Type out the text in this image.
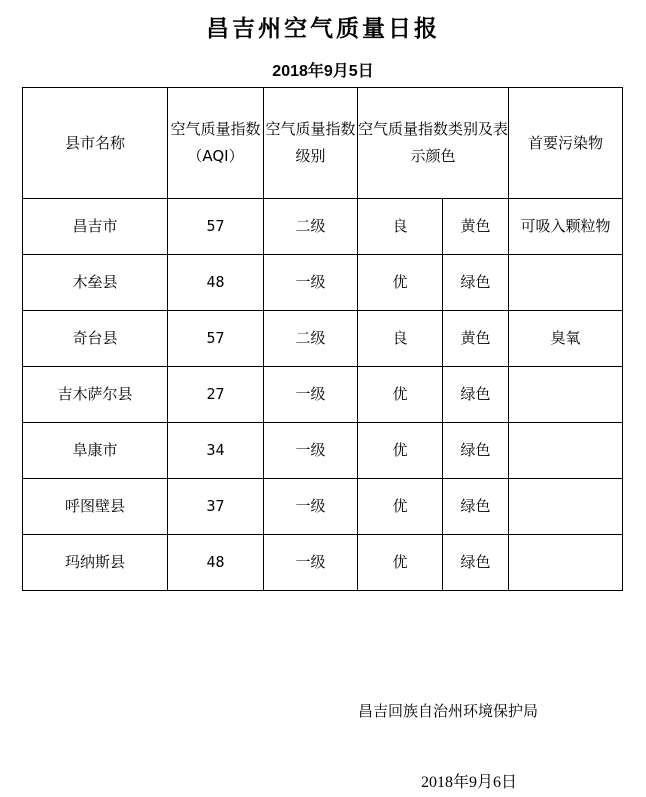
昌吉州空气质量日报
2018年9月5日
县市名称	空气质量指数（AQI）	空气质量指数级别	空气质量指数类别及表示颜色		首要污染物
昌吉市	57	二级	良	黄色	可吸入颗粒物
木垒县	48	一级	优	绿色	
奇台县	57	二级	良	黄色	臭氧
吉木萨尔县	27	一级	优	绿色	
阜康市	34	一级	优	绿色	
呼图壁县	37	一级	优	绿色	
玛纳斯县	48	一级	优	绿色	
昌吉回族自治州环境保护局
2018年9月6日
